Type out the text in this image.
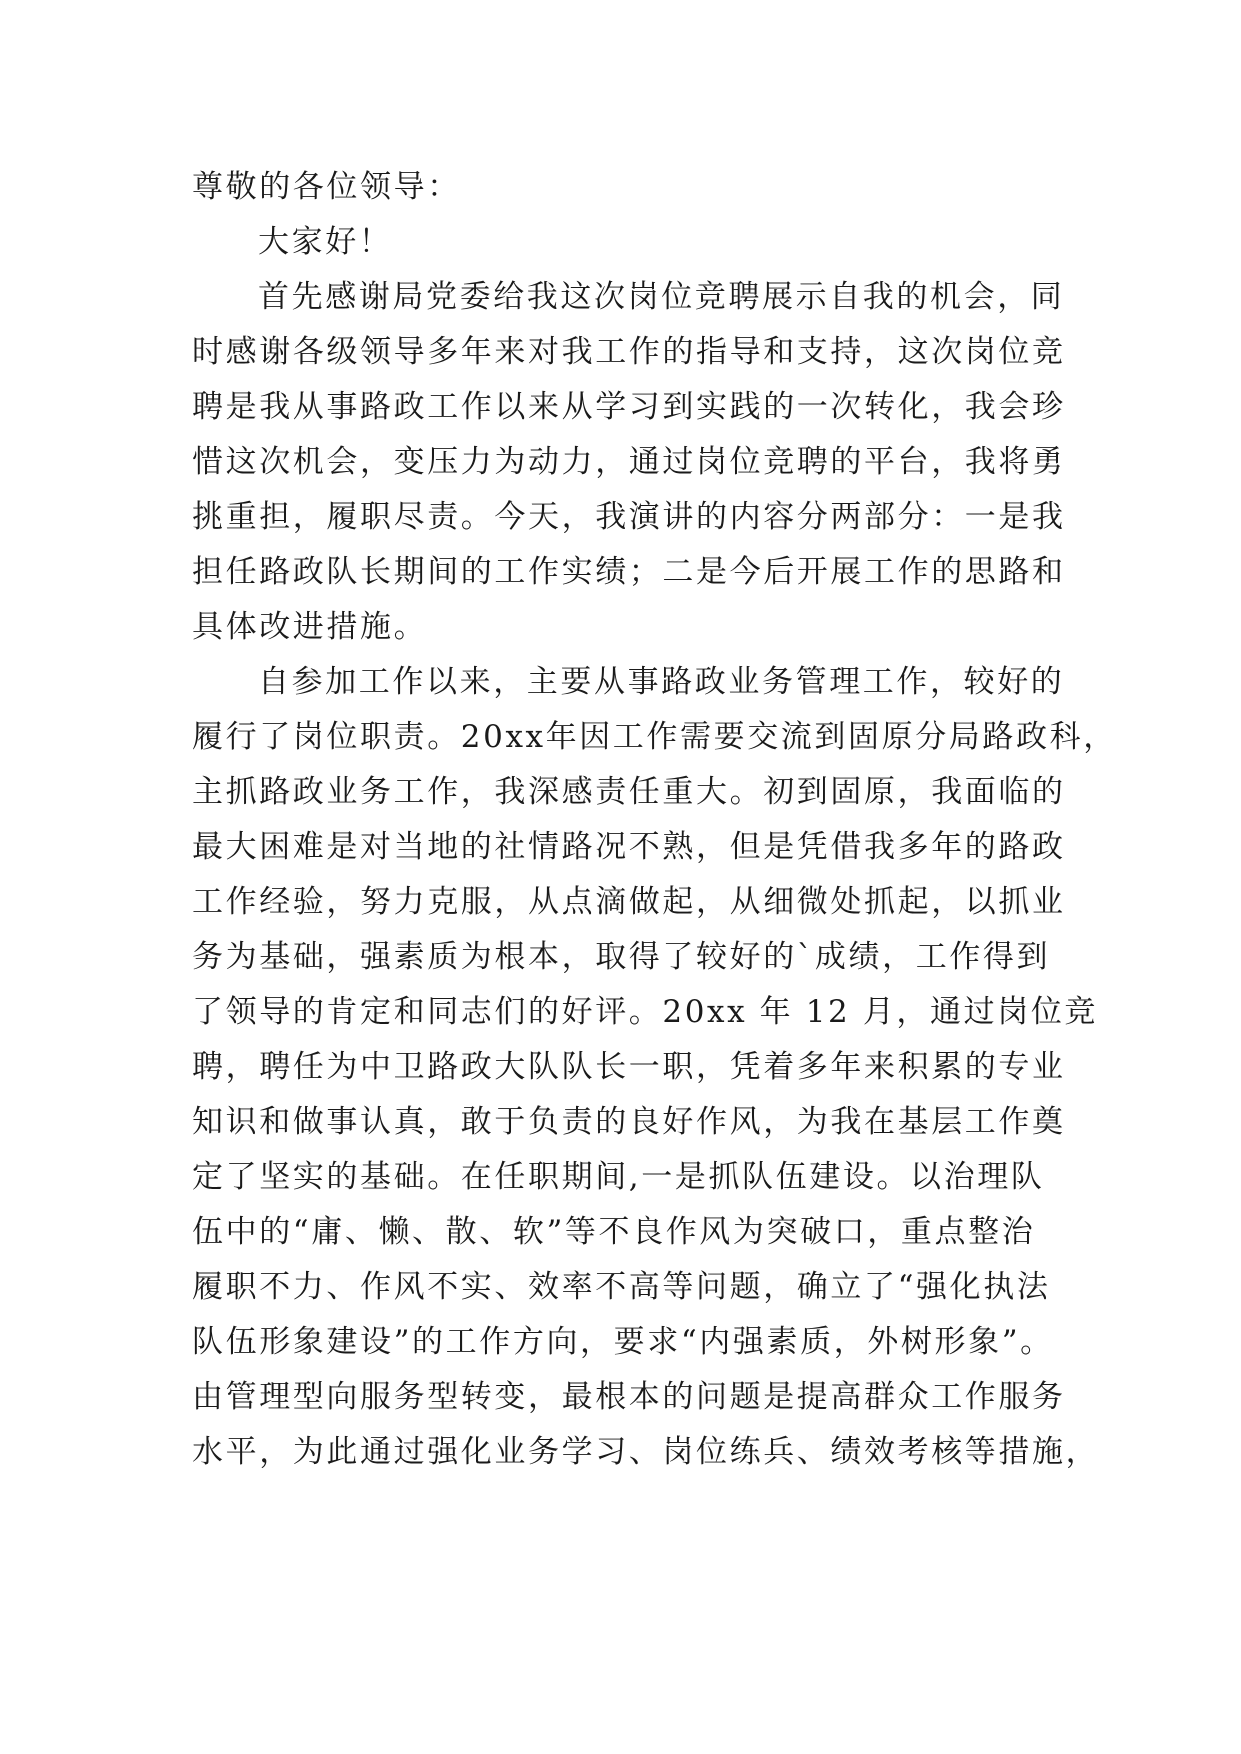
尊敬的各位领导：
大家好！
首先感谢局党委给我这次岗位竞聘展示自我的机会，同
时感谢各级领导多年来对我工作的指导和支持，这次岗位竞
聘是我从事路政工作以来从学习到实践的一次转化，我会珍
惜这次机会，变压力为动力，通过岗位竞聘的平台，我将勇
挑重担，履职尽责。今天，我演讲的内容分两部分：一是我
担任路政队长期间的工作实绩；二是今后开展工作的思路和
具体改进措施。
自参加工作以来，主要从事路政业务管理工作，较好的
履行了岗位职责。20xx年因工作需要交流到固原分局路政科，
主抓路政业务工作，我深感责任重大。初到固原，我面临的
最大困难是对当地的社情路况不熟，但是凭借我多年的路政
工作经验，努力克服，从点滴做起，从细微处抓起，以抓业
务为基础，强素质为根本，取得了较好的`成绩，工作得到
了领导的肯定和同志们的好评。20xx 年 12 月，通过岗位竞
聘，聘任为中卫路政大队队长一职，凭着多年来积累的专业
知识和做事认真，敢于负责的良好作风，为我在基层工作奠
定了坚实的基础。在任职期间,一是抓队伍建设。以治理队
伍中的“庸、懒、散、软”等不良作风为突破口，重点整治
履职不力、作风不实、效率不高等问题，确立了“强化执法
队伍形象建设”的工作方向，要求“内强素质，外树形象”。
由管理型向服务型转变，最根本的问题是提高群众工作服务
水平，为此通过强化业务学习、岗位练兵、绩效考核等措施，
